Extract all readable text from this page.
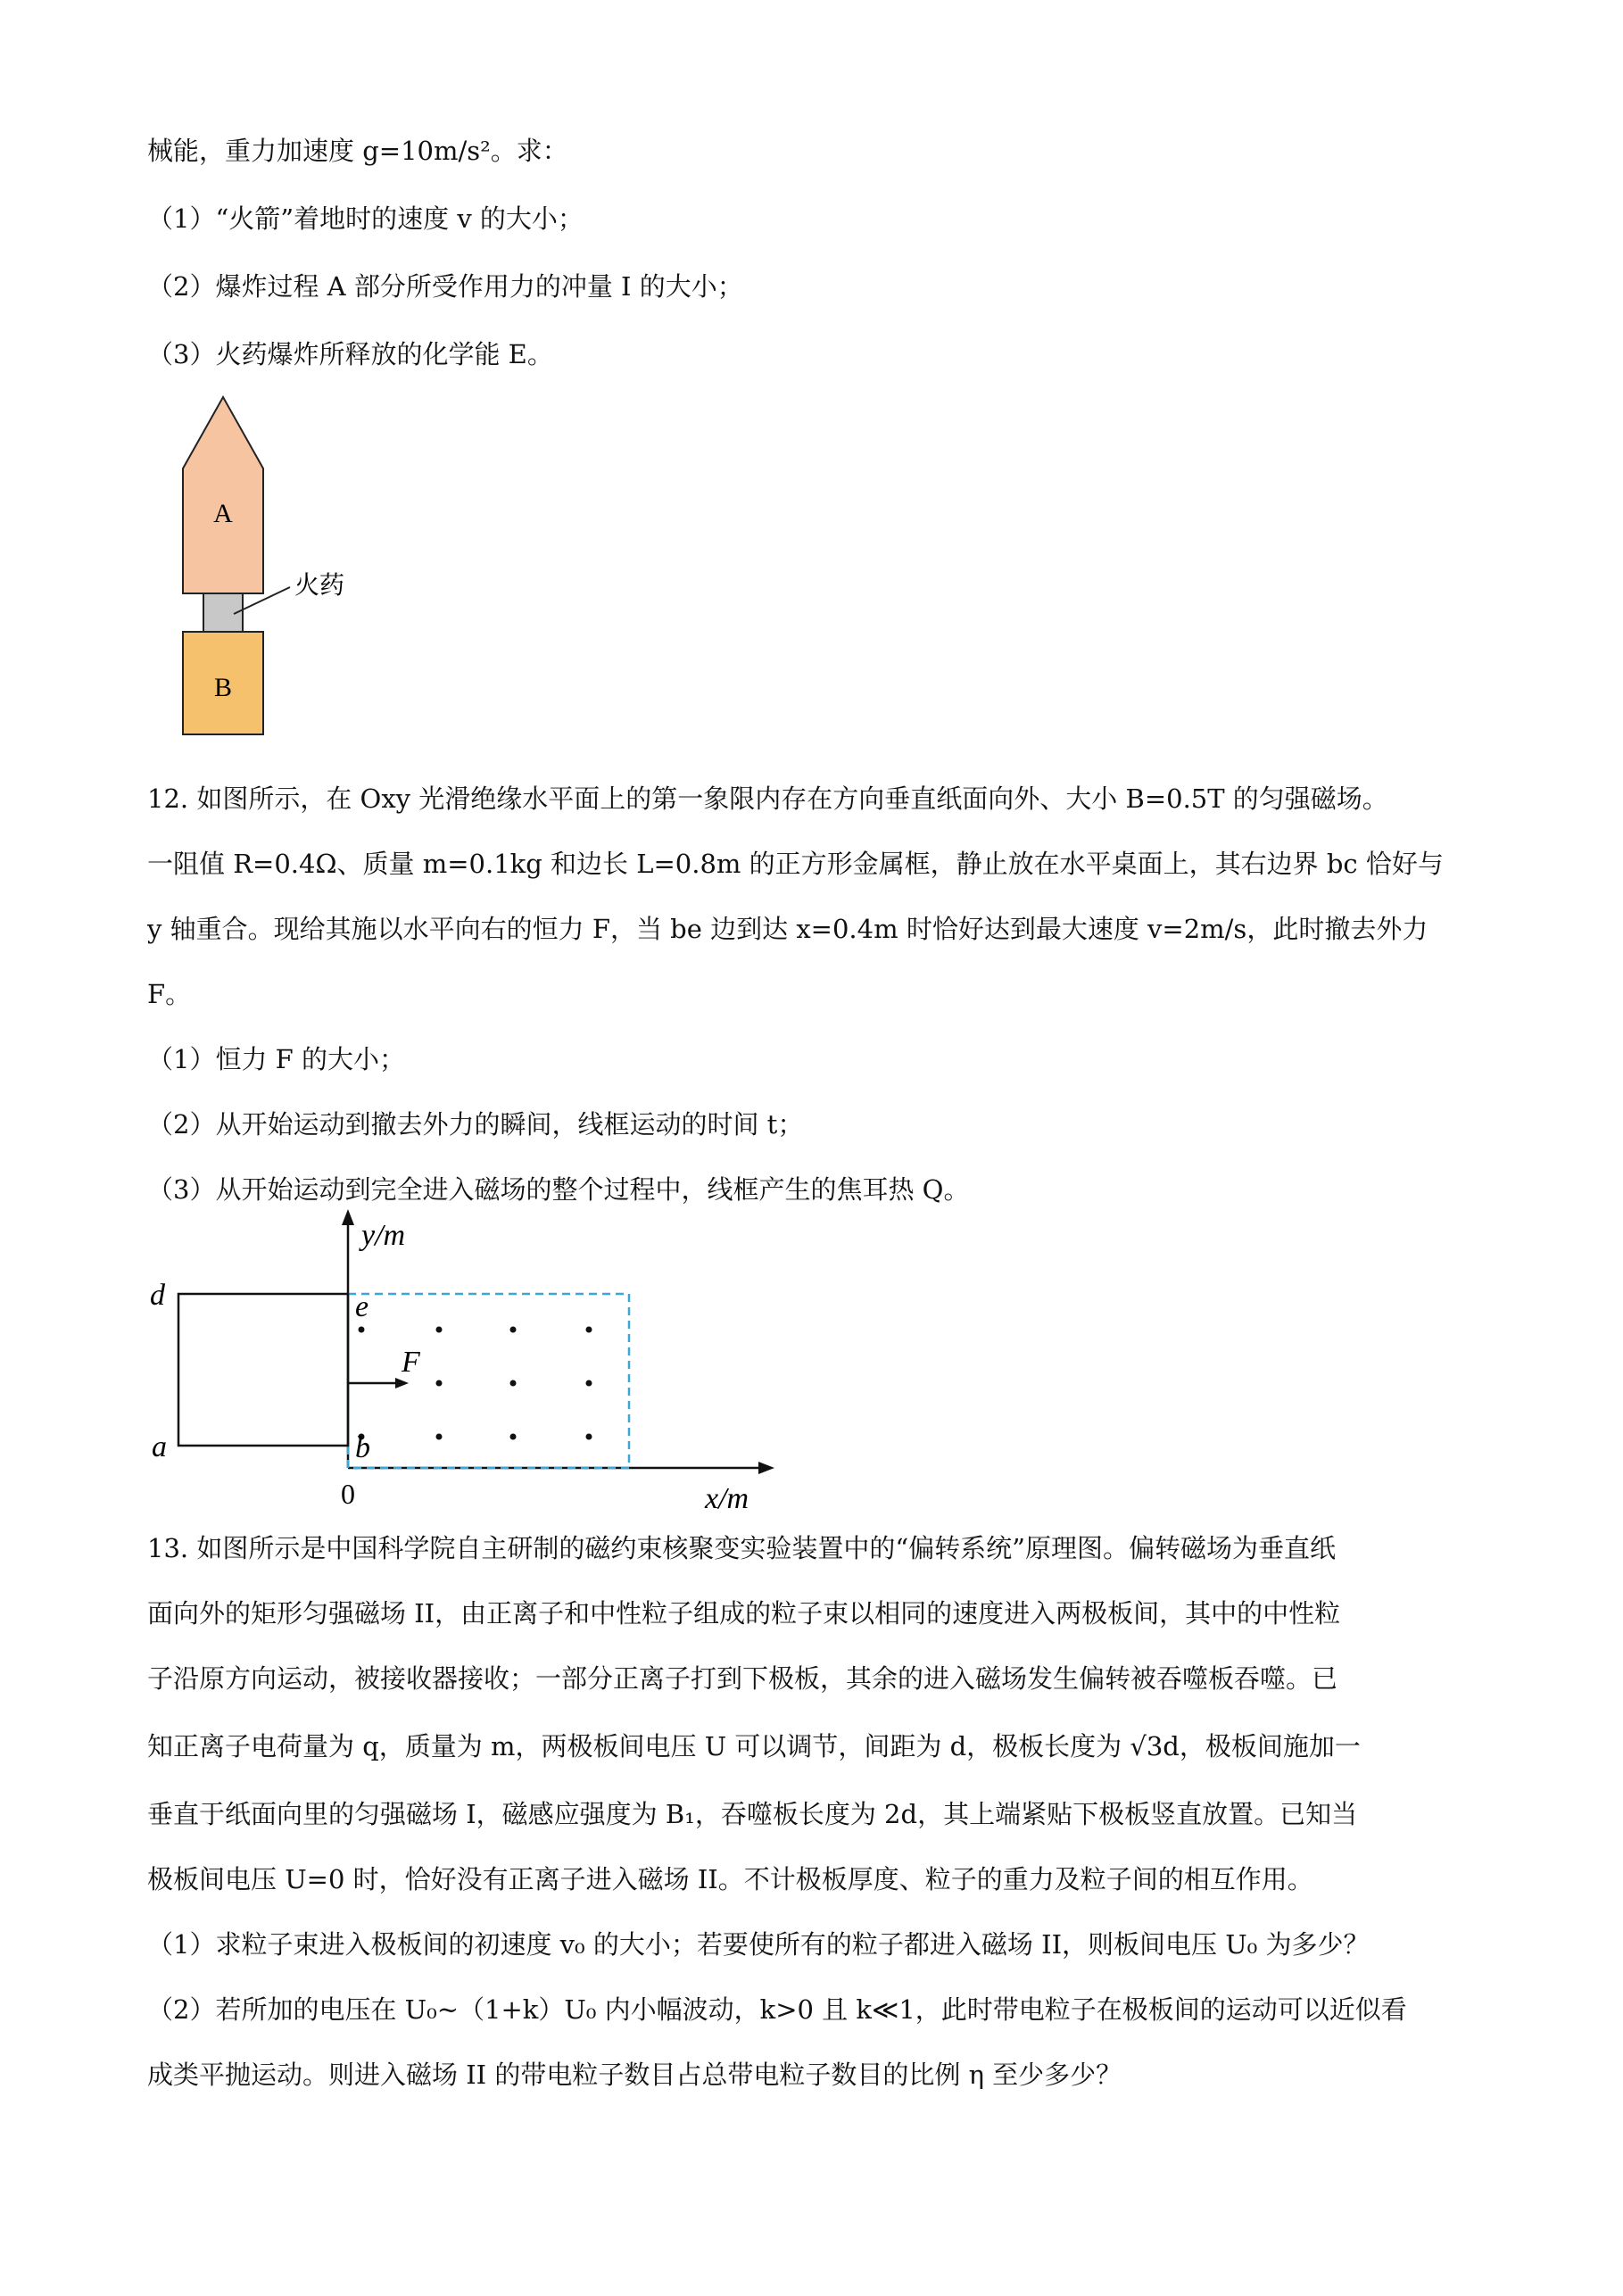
械能，重力加速度 g=10m/s²。求：
（1）“火箭”着地时的速度 v 的大小；
（2）爆炸过程 A 部分所受作用力的冲量 I 的大小；
（3）火药爆炸所释放的化学能 E。
A
火药
B
12. 如图所示，在 Oxy 光滑绝缘水平面上的第一象限内存在方向垂直纸面向外、大小 B=0.5T 的匀强磁场。
一阻值 R=0.4Ω、质量 m=0.1kg 和边长 L=0.8m 的正方形金属框，静止放在水平桌面上，其右边界 bc 恰好与
y 轴重合。现给其施以水平向右的恒力 F，当 be 边到达 x=0.4m 时恰好达到最大速度 v=2m/s，此时撤去外力
F。
（1）恒力 F 的大小；
（2）从开始运动到撤去外力的瞬间，线框运动的时间 t；
（3）从开始运动到完全进入磁场的整个过程中，线框产生的焦耳热 Q。
y/m
x/m
0
d
a
e
b
F
13. 如图所示是中国科学院自主研制的磁约束核聚变实验装置中的“偏转系统”原理图。偏转磁场为垂直纸
面向外的矩形匀强磁场 II，由正离子和中性粒子组成的粒子束以相同的速度进入两极板间，其中的中性粒
子沿原方向运动，被接收器接收；一部分正离子打到下极板，其余的进入磁场发生偏转被吞噬板吞噬。已
知正离子电荷量为 q，质量为 m，两极板间电压 U 可以调节，间距为 d，极板长度为 √3d，极板间施加一
垂直于纸面向里的匀强磁场 I，磁感应强度为 B₁，吞噬板长度为 2d，其上端紧贴下极板竖直放置。已知当
极板间电压 U=0 时，恰好没有正离子进入磁场 II。不计极板厚度、粒子的重力及粒子间的相互作用。
（1）求粒子束进入极板间的初速度 v₀ 的大小；若要使所有的粒子都进入磁场 II，则板间电压 U₀ 为多少？
（2）若所加的电压在 U₀~（1+k）U₀ 内小幅波动，k>0 且 k≪1，此时带电粒子在极板间的运动可以近似看
成类平抛运动。则进入磁场 II 的带电粒子数目占总带电粒子数目的比例 η 至少多少？
